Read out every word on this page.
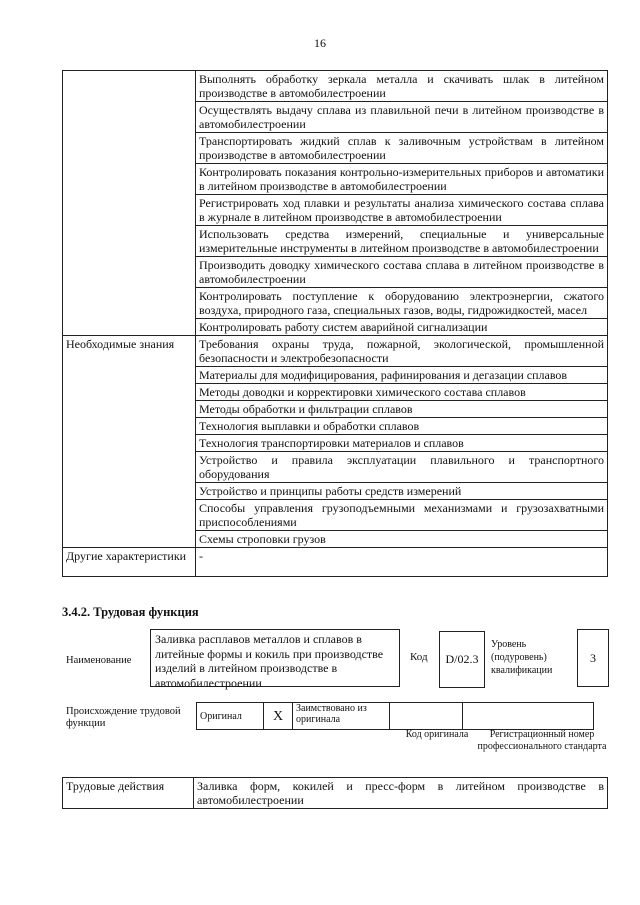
16
	Выполнять обработку зеркала металла и скачивать шлак в литейном производстве в автомобилестроении
	Осуществлять выдачу сплава из плавильной печи в литейном производстве в автомобилестроении
	Транспортировать жидкий сплав к заливочным устройствам в литейном производстве в автомобилестроении
	Контролировать показания контрольно-измерительных приборов и автоматики в литейном производстве в автомобилестроении
	Регистрировать ход плавки и результаты анализа химического состава сплава в журнале в литейном производстве в автомобилестроении
	Использовать средства измерений, специальные и универсальные измерительные инструменты в литейном производстве в автомобилестроении
	Производить доводку химического состава сплава в литейном производстве в автомобилестроении
	Контролировать поступление к оборудованию электроэнергии, сжатого воздуха, природного газа, специальных газов, воды, гидрожидкостей, масел
	Контролировать работу систем аварийной сигнализации
Необходимые знания	Требования охраны труда, пожарной, экологической, промышленной безопасности и электробезопасности
	Материалы для модифицирования, рафинирования и дегазации сплавов
	Методы доводки и корректировки химического состава сплавов
	Методы обработки и фильтрации сплавов
	Технология выплавки и обработки сплавов
	Технология транспортировки материалов и сплавов
	Устройство и правила эксплуатации плавильного и транспортного оборудования
	Устройство и принципы работы средств измерений
	Способы управления грузоподъемными механизмами и грузозахватными приспособлениями
	Схемы строповки грузов
Другие характеристики	-
3.4.2. Трудовая функция
Наименование
Заливка расплавов металлов и сплавов в литейные формы и кокиль при производстве изделий в литейном производстве в автомобилестроении
Код	D/02.3
Уровень (подуровень) квалификации
3
Происхождение трудовой функции
Оригинал	X	Заимствовано из оригинала		
Код оригинала	Регистрационный номер профессионального стандарта
Трудовые действия	Заливка форм, кокилей и пресс-форм в литейном производстве в автомобилестроении
